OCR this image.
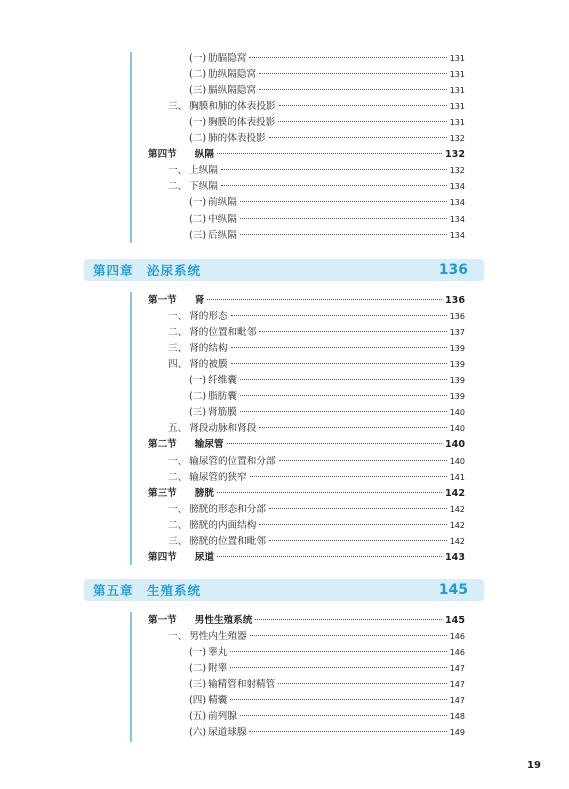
(一) 肋膈隐窝	131
(二) 肋纵隔隐窝	131
(三) 膈纵隔隐窝	131
三、 胸膜和肺的体表投影	131
(一) 胸膜的体表投影	131
(二) 肺的体表投影	132
第四节 纵隔	132
一、 上纵隔	132
二、 下纵隔	134
(一) 前纵隔	134
(二) 中纵隔	134
(三) 后纵隔	134
第四章　泌尿系统	136
第一节 肾	136
一、 肾的形态	136
二、 肾的位置和毗邻	137
三、 肾的结构	139
四、 肾的被膜	139
(一) 纤维囊	139
(二) 脂肪囊	139
(三) 肾筋膜	140
五、 肾段动脉和肾段	140
第二节 输尿管	140
一、 输尿管的位置和分部	140
二、 输尿管的狭窄	141
第三节 膀胱	142
一、 膀胱的形态和分部	142
二、 膀胱的内面结构	142
三、 膀胱的位置和毗邻	142
第四节 尿道	143
第五章　生殖系统	145
第一节 男性生殖系统	145
一、 男性内生殖器	146
(一) 睾丸	146
(二) 附睾	147
(三) 输精管和射精管	147
(四) 精囊	147
(五) 前列腺	148
(六) 尿道球腺	149
19
